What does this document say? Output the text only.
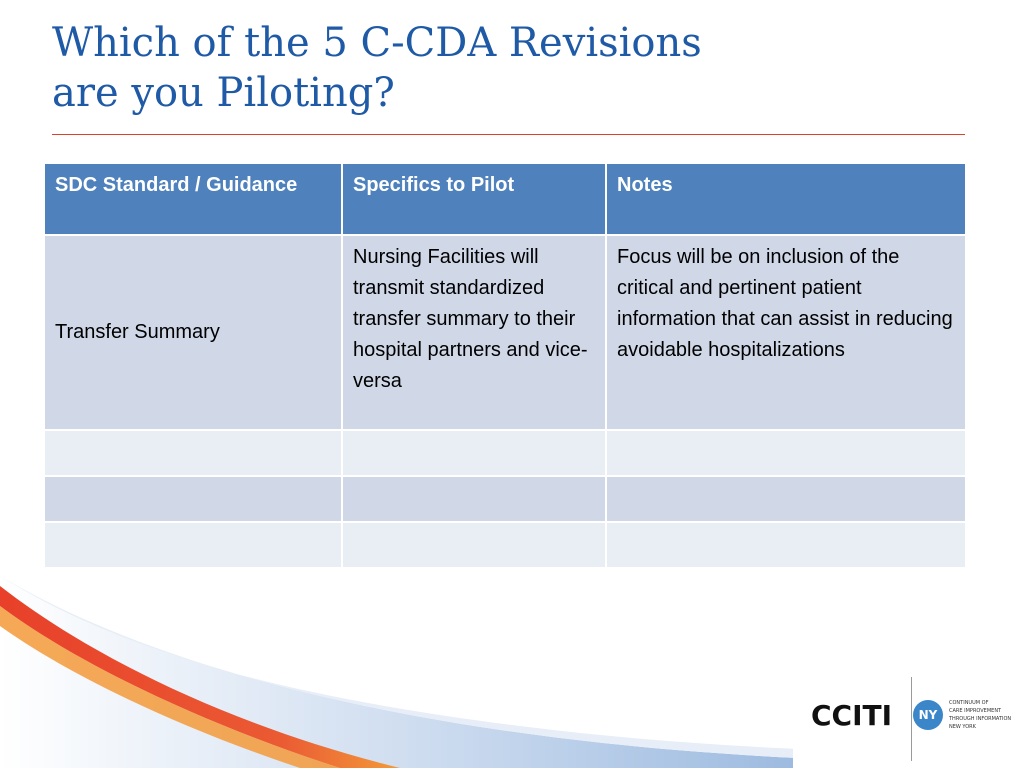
Which of the 5 C-CDA Revisions
are you Piloting?
SDC Standard / Guidance	Specifics to Pilot	Notes
Transfer Summary	Nursing Facilities will transmit standardized transfer summary to their hospital partners and vice-versa	Focus will be on inclusion of the critical and pertinent patient information that can assist in reducing avoidable hospitalizations

CCITI	NY
CONTINUUM OF
CARE IMPROVEMENT
THROUGH INFORMATION
NEW YORK
